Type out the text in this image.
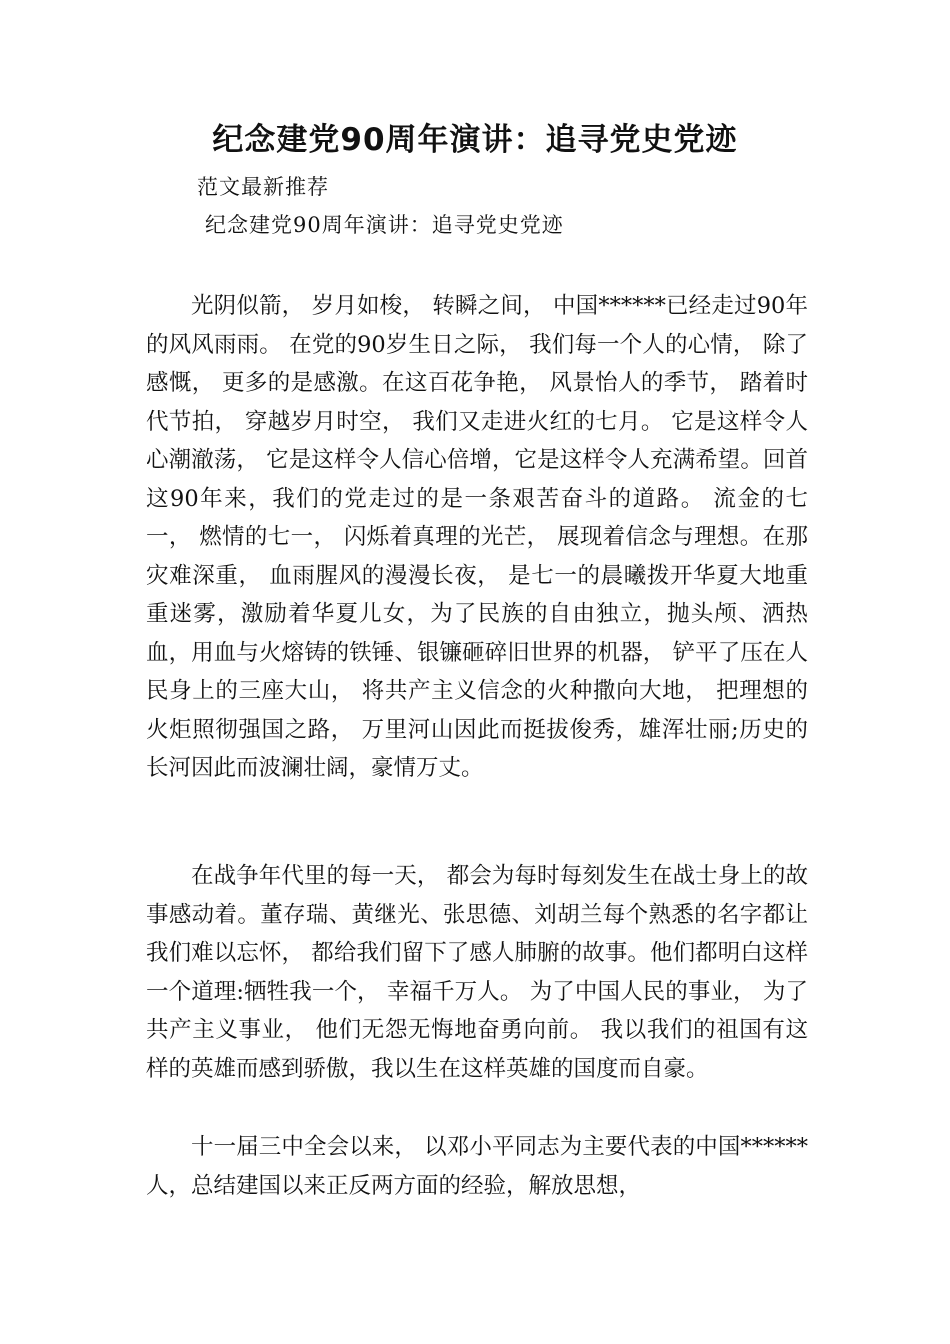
纪念建党90周年演讲：追寻党史党迹
范文最新推荐
纪念建党90周年演讲：追寻党史党迹

光阴似箭， 岁月如梭， 转瞬之间， 中国******已经走过90年的风风雨雨。 在党的90岁生日之际， 我们每一个人的心情， 除了感慨， 更多的是感激。在这百花争艳， 风景怡人的季节， 踏着时代节拍， 穿越岁月时空， 我们又走进火红的七月。 它是这样令人心潮澈荡， 它是这样令人信心倍增，它是这样令人充满希望。回首这90年来，我们的党走过的是一条艰苦奋斗的道路。 流金的七一， 燃情的七一， 闪烁着真理的光芒， 展现着信念与理想。在那灾难深重， 血雨腥风的漫漫长夜， 是七一的晨曦拨开华夏大地重重迷雾，激励着华夏儿女，为了民族的自由独立，抛头颅、洒热血，用血与火熔铸的铁锤、银镰砸碎旧世界的机器， 铲平了压在人民身上的三座大山， 将共产主义信念的火种撒向大地， 把理想的火炬照彻强国之路， 万里河山因此而挺拔俊秀，雄浑壮丽;历史的长河因此而波澜壮阔，豪情万丈。

在战争年代里的每一天， 都会为每时每刻发生在战士身上的故事感动着。董存瑞、黄继光、张思德、刘胡兰每个熟悉的名字都让我们难以忘怀， 都给我们留下了感人肺腑的故事。他们都明白这样一个道理:牺牲我一个， 幸福千万人。 为了中国人民的事业， 为了共产主义事业， 他们无怨无悔地奋勇向前。 我以我们的祖国有这样的英雄而感到骄傲，我以生在这样英雄的国度而自豪。

十一届三中全会以来， 以邓小平同志为主要代表的中国******人，总结建国以来正反两方面的经验，解放思想，
